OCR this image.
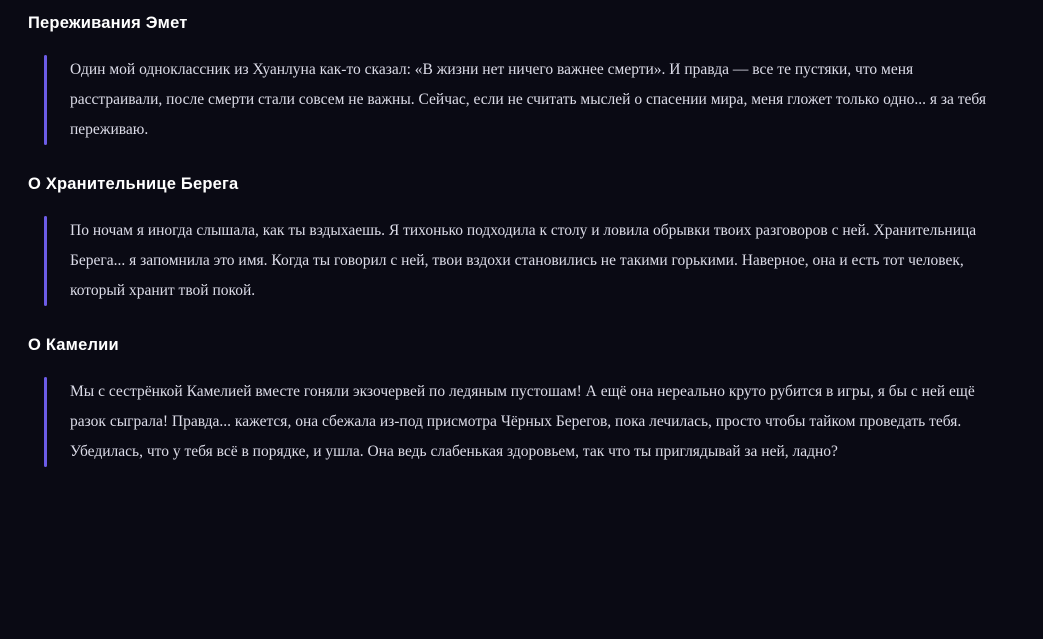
Переживания Эмет

Один мой одноклассник из Хуанлуна как-то сказал: «В жизни нет ничего важнее смерти». И правда — все те пустяки, что меня расстраивали, после смерти стали совсем не важны. Сейчас, если не считать мыслей о спасении мира, меня гложет только одно... я за тебя переживаю.

О Хранительнице Берега

По ночам я иногда слышала, как ты вздыхаешь. Я тихонько подходила к столу и ловила обрывки твоих разговоров с ней. Хранительница Берега... я запомнила это имя. Когда ты говорил с ней, твои вздохи становились не такими горькими. Наверное, она и есть тот человек, который хранит твой покой.

О Камелии

Мы с сестрёнкой Камелией вместе гоняли экзочервей по ледяным пустошам! А ещё она нереально круто рубится в игры, я бы с ней ещё разок сыграла! Правда... кажется, она сбежала из-под присмотра Чёрных Берегов, пока лечилась, просто чтобы тайком проведать тебя. Убедилась, что у тебя всё в порядке, и ушла. Она ведь слабенькая здоровьем, так что ты приглядывай за ней, ладно?
